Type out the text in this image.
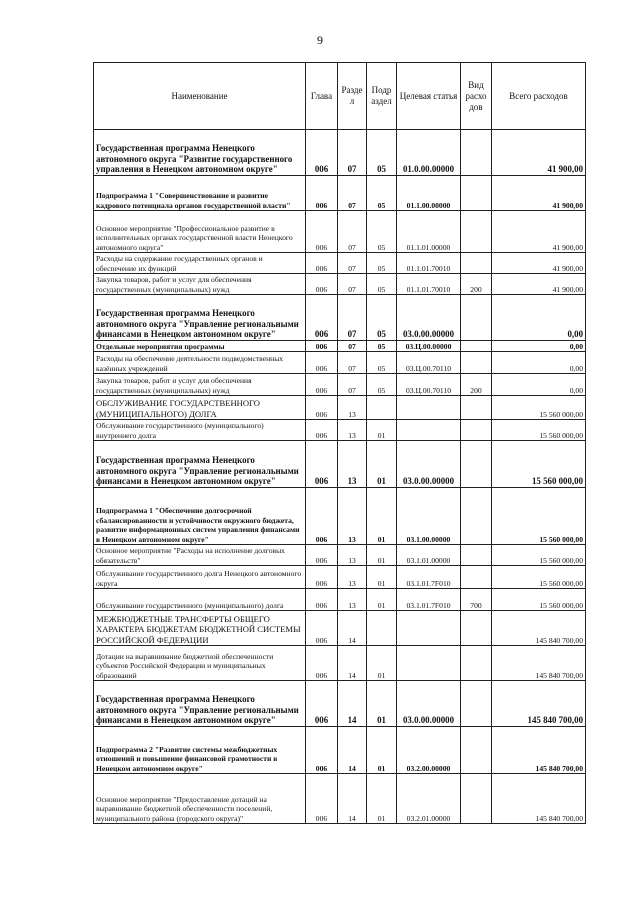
9
Наименование	Глава	Разде л	Подр аздел	Целевая статья	Вид расхо дов	Всего расходов
Государственная программа Ненецкого автономного округа "Развитие государственного управления в Ненецком автономном округе"	006	07	05	01.0.00.00000		41 900,00
Подпрограмма 1 "Совершенствование и развитие кадрового потенциала органов государственной власти"	006	07	05	01.1.00.00000		41 900,00
Основное мероприятие "Профессиональное развитие в исполнительных органах государственной власти Ненецкого автономного округа"	006	07	05	01.1.01.00000		41 900,00
Расходы на содержание государственных органов и обеспечение их функций	006	07	05	01.1.01.70010		41 900,00
Закупка товаров, работ и услуг для обеспечения государственных (муниципальных) нужд	006	07	05	01.1.01.70010	200	41 900,00
Государственная программа Ненецкого автономного округа "Управление региональными финансами в Ненецком автономном округе"	006	07	05	03.0.00.00000		0,00
Отдельные мероприятия программы	006	07	05	03.Ц.00.00000		0,00
Расходы на обеспечение деятельности подведомственных казённых учреждений	006	07	05	03.Ц.00.70110		0,00
Закупка товаров, работ и услуг для обеспечения государственных (муниципальных) нужд	006	07	05	03.Ц.00.70110	200	0,00
ОБСЛУЖИВАНИЕ ГОСУДАРСТВЕННОГО (МУНИЦИПАЛЬНОГО) ДОЛГА	006	13				15 560 000,00
Обслуживание государственного (муниципального) внутреннего долга	006	13	01			15 560 000,00
Государственная программа Ненецкого автономного округа "Управление региональными финансами в Ненецком автономном округе"	006	13	01	03.0.00.00000		15 560 000,00
Подпрограмма 1 "Обеспечение долгосрочной сбалансированности и устойчивости окружного бюджета, развитие информационных систем управления финансами в Ненецком автономном округе"	006	13	01	03.1.00.00000		15 560 000,00
Основное мероприятие "Расходы на исполнение долговых обязательств"	006	13	01	03.1.01.00000		15 560 000,00
Обслуживание государственного долга Ненецкого автономного округа	006	13	01	03.1.01.7F010		15 560 000,00
Обслуживание государственного (муниципального) долга	006	13	01	03.1.01.7F010	700	15 560 000,00
МЕЖБЮДЖЕТНЫЕ ТРАНСФЕРТЫ ОБЩЕГО ХАРАКТЕРА БЮДЖЕТАМ БЮДЖЕТНОЙ СИСТЕМЫ РОССИЙСКОЙ ФЕДЕРАЦИИ	006	14				145 840 700,00
Дотации на выравнивание бюджетной обеспеченности субъектов Российской Федерации и муниципальных образований	006	14	01			145 840 700,00
Государственная программа Ненецкого автономного округа "Управление региональными финансами в Ненецком автономном округе"	006	14	01	03.0.00.00000		145 840 700,00
Подпрограмма 2 "Развитие системы межбюджетных отношений и повышение финансовой грамотности в Ненецком автономном округе"	006	14	01	03.2.00.00000		145 840 700,00
Основное мероприятие "Предоставление дотаций на выравнивание бюджетной обеспеченности поселений, муниципального района (городского округа)"	006	14	01	03.2.01.00000		145 840 700,00
